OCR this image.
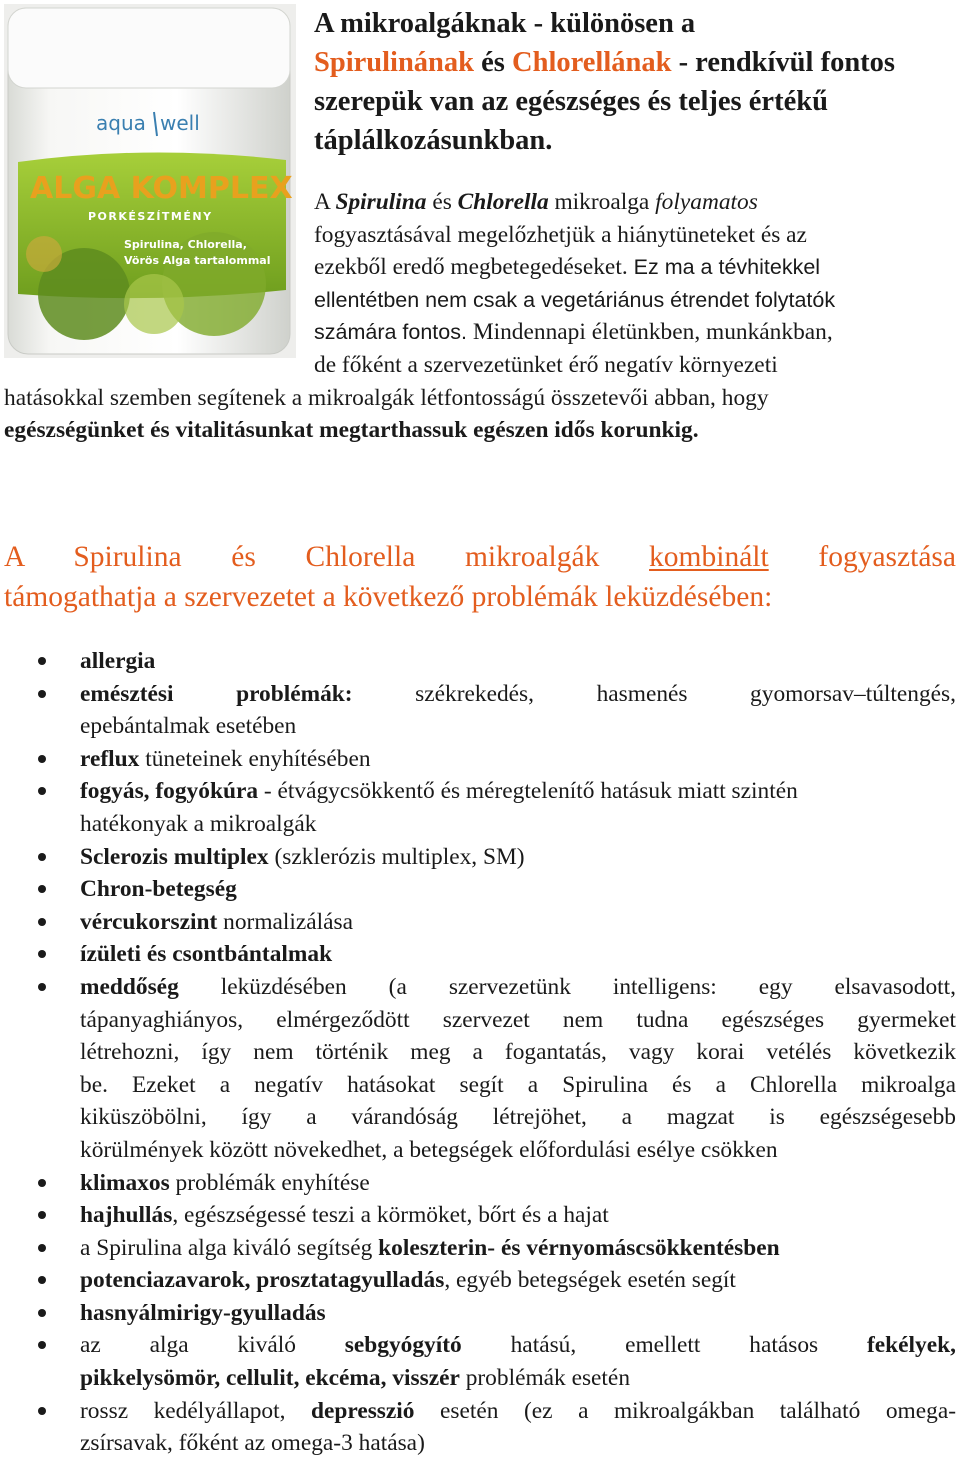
aqua well
ALGA KOMPLEX
PORKÉSZÍTMÉNY
Spirulina, Chlorella,
Vörös Alga tartalommal

A mikroalgáknak - különösen a
Spirulinának és Chlorellának - rendkívül fontos szerepük van az egészséges és teljes értékű táplálkozásunkban.

A Spirulina és Chlorella mikroalga folyamatos
fogyasztásával megelőzhetjük a hiánytüneteket és az
ezekből eredő megbetegedéseket. Ez ma a tévhitekkel
ellentétben nem csak a vegetáriánus étrendet folytatók
számára fontos. Mindennapi életünkben, munkánkban,
de főként a szervezetünket érő negatív környezeti
hatásokkal szemben segítenek a mikroalgák létfontosságú összetevői abban, hogy
egészségünket és vitalitásunkat megtarthassuk egészen idős korunkig.

A Spirulina és Chlorella mikroalgák kombinált fogyasztása
támogathatja a szervezetet a következő problémák leküzdésében:

allergia
emésztési problémák: székrekedés, hasmenés gyomorsav–túltengés,
epebántalmak esetében
reflux tüneteinek enyhítésében
fogyás, fogyókúra - étvágycsökkentő és méregtelenítő hatásuk miatt szintén
hatékonyak a mikroalgák
Sclerozis multiplex (szklerózis multiplex, SM)
Chron-betegség
vércukorszint normalizálása
ízületi és csontbántalmak
meddőség leküzdésében (a szervezetünk intelligens: egy elsavasodott,
tápanyaghiányos, elmérgeződött szervezet nem tudna egészséges gyermeket
létrehozni, így nem történik meg a fogantatás, vagy korai vetélés következik
be. Ezeket a negatív hatásokat segít a Spirulina és a Chlorella mikroalga
kiküszöbölni, így a várandóság létrejöhet, a magzat is egészségesebb
körülmények között növekedhet, a betegségek előfordulási esélye csökken
klimaxos problémák enyhítése
hajhullás, egészségessé teszi a körmöket, bőrt és a hajat
a Spirulina alga kiváló segítség koleszterin- és vérnyomáscsökkentésben
potenciazavarok, prosztatagyulladás, egyéb betegségek esetén segít
hasnyálmirigy-gyulladás
az alga kiváló sebgyógyító hatású, emellett hatásos fekélyek,
pikkelysömör, cellulit, ekcéma, visszér problémák esetén
rossz kedélyállapot, depresszió esetén (ez a mikroalgákban található omega-
zsírsavak, főként az omega-3 hatása)
